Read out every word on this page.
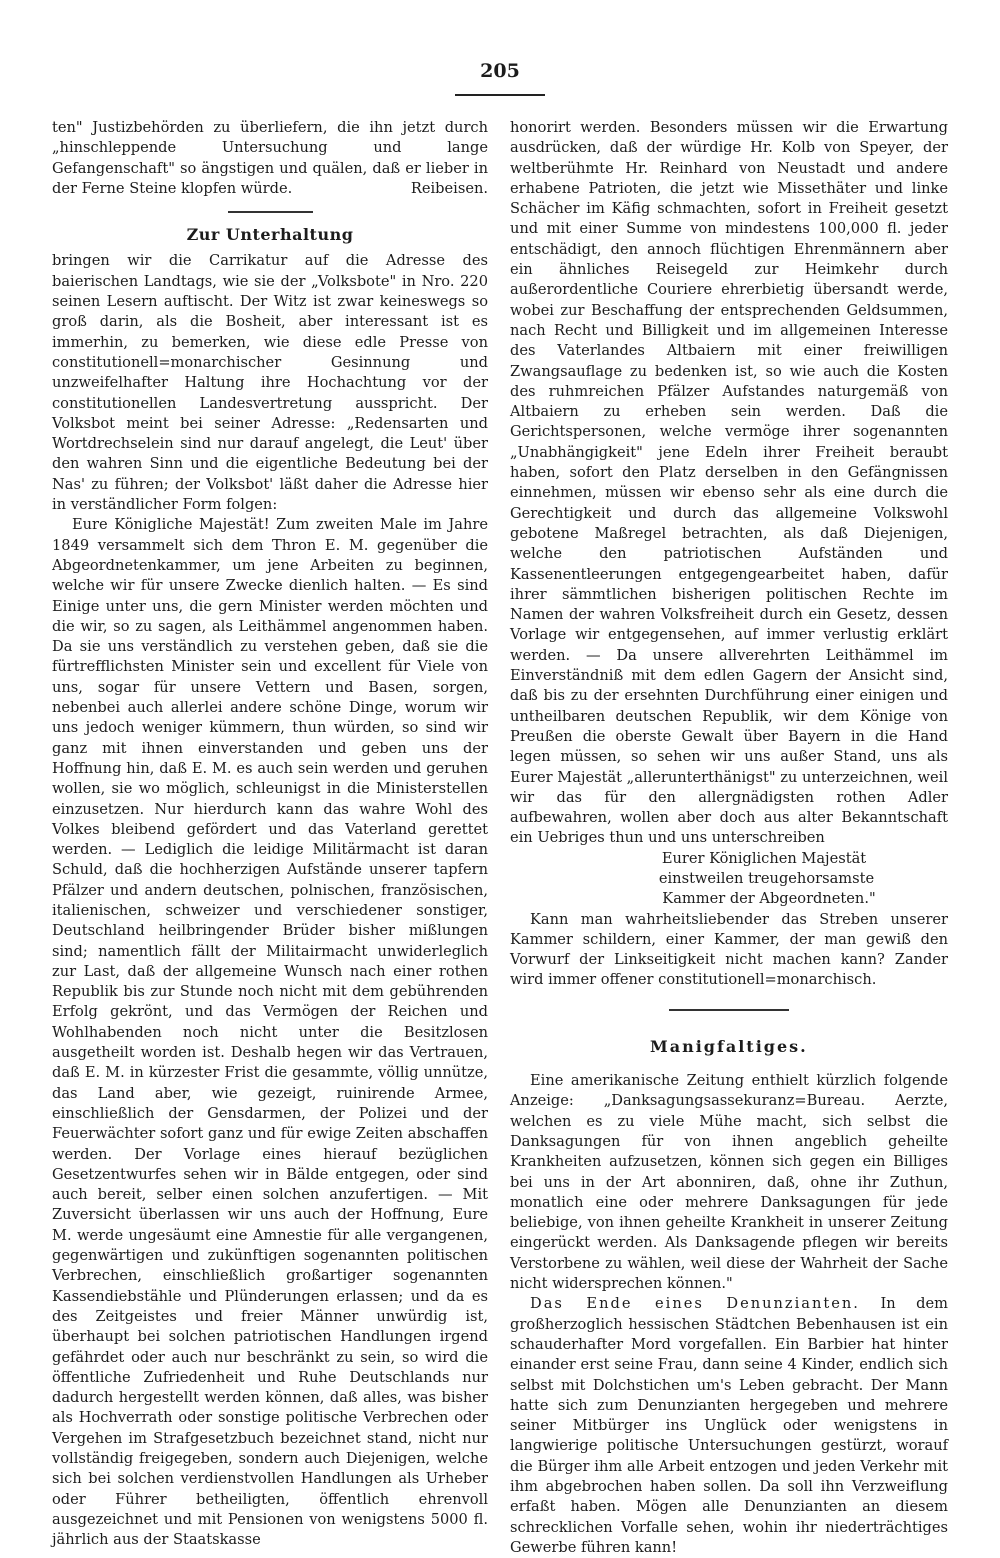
205

ten" Justizbehörden zu überliefern, die ihn jetzt durch „hinschleppende Untersuchung und lange Gefangenschaft" so ängstigen und quälen, daß er lieber in der Ferne Steine klopfen würde.	Reibeisen.

Zur Unterhaltung

bringen wir die Carrikatur auf die Adresse des baierischen Landtags, wie sie der „Volksbote" in Nro. 220 seinen Lesern auftischt. Der Witz ist zwar keineswegs so groß darin, als die Bosheit, aber interessant ist es immerhin, zu bemerken, wie diese edle Presse von constitutionell=monarchischer Gesinnung und unzweifelhafter Haltung ihre Hochachtung vor der constitutionellen Landesvertretung ausspricht. Der Volksbot meint bei seiner Adresse: „Redensarten und Wortdrechselein sind nur darauf angelegt, die Leut' über den wahren Sinn und die eigentliche Bedeutung bei der Nas' zu führen; der Volksbot' läßt daher die Adresse hier in verständlicher Form folgen:

Eure Königliche Majestät! Zum zweiten Male im Jahre 1849 versammelt sich dem Thron E. M. gegenüber die Abgeordnetenkammer, um jene Arbeiten zu beginnen, welche wir für unsere Zwecke dienlich halten. — Es sind Einige unter uns, die gern Minister werden möchten und die wir, so zu sagen, als Leithämmel angenommen haben. Da sie uns verständlich zu verstehen geben, daß sie die fürtrefflichsten Minister sein und excellent für Viele von uns, sogar für unsere Vettern und Basen, sorgen, nebenbei auch allerlei andere schöne Dinge, worum wir uns jedoch weniger kümmern, thun würden, so sind wir ganz mit ihnen einverstanden und geben uns der Hoffnung hin, daß E. M. es auch sein werden und geruhen wollen, sie wo möglich, schleunigst in die Ministerstellen einzusetzen. Nur hierdurch kann das wahre Wohl des Volkes bleibend gefördert und das Vaterland gerettet werden. — Lediglich die leidige Militärmacht ist daran Schuld, daß die hochherzigen Aufstände unserer tapfern Pfälzer und andern deutschen, polnischen, französischen, italienischen, schweizer und verschiedener sonstiger, Deutschland heilbringender Brüder bisher mißlungen sind; namentlich fällt der Militairmacht unwiderleglich zur Last, daß der allgemeine Wunsch nach einer rothen Republik bis zur Stunde noch nicht mit dem gebührenden Erfolg gekrönt, und das Vermögen der Reichen und Wohlhabenden noch nicht unter die Besitzlosen ausgetheilt worden ist. Deshalb hegen wir das Vertrauen, daß E. M. in kürzester Frist die gesammte, völlig unnütze, das Land aber, wie gezeigt, ruinirende Armee, einschließlich der Gensdarmen, der Polizei und der Feuerwächter sofort ganz und für ewige Zeiten abschaffen werden. Der Vorlage eines hierauf bezüglichen Gesetzentwurfes sehen wir in Bälde entgegen, oder sind auch bereit, selber einen solchen anzufertigen. — Mit Zuversicht überlassen wir uns auch der Hoffnung, Eure M. werde ungesäumt eine Amnestie für alle vergangenen, gegenwärtigen und zukünftigen sogenannten politischen Verbrechen, einschließlich großartiger sogenannten Kassendiebstähle und Plünderungen erlassen; und da es des Zeitgeistes und freier Männer unwürdig ist, überhaupt bei solchen patriotischen Handlungen irgend gefährdet oder auch nur beschränkt zu sein, so wird die öffentliche Zufriedenheit und Ruhe Deutschlands nur dadurch hergestellt werden können, daß alles, was bisher als Hochverrath oder sonstige politische Verbrechen oder Vergehen im Strafgesetzbuch bezeichnet stand, nicht nur vollständig freigegeben, sondern auch Diejenigen, welche sich bei solchen verdienstvollen Handlungen als Urheber oder Führer betheiligten, öffentlich ehrenvoll ausgezeichnet und mit Pensionen von wenigstens 5000 fl. jährlich aus der Staatskasse

honorirt werden. Besonders müssen wir die Erwartung ausdrücken, daß der würdige Hr. Kolb von Speyer, der weltberühmte Hr. Reinhard von Neustadt und andere erhabene Patrioten, die jetzt wie Missethäter und linke Schächer im Käfig schmachten, sofort in Freiheit gesetzt und mit einer Summe von mindestens 100,000 fl. jeder entschädigt, den annoch flüchtigen Ehrenmännern aber ein ähnliches Reisegeld zur Heimkehr durch außerordentliche Couriere ehrerbietig übersandt werde, wobei zur Beschaffung der entsprechenden Geldsummen, nach Recht und Billigkeit und im allgemeinen Interesse des Vaterlandes Altbaiern mit einer freiwilligen Zwangsauflage zu bedenken ist, so wie auch die Kosten des ruhmreichen Pfälzer Aufstandes naturgemäß von Altbaiern zu erheben sein werden. Daß die Gerichtspersonen, welche vermöge ihrer sogenannten „Unabhängigkeit" jene Edeln ihrer Freiheit beraubt haben, sofort den Platz derselben in den Gefängnissen einnehmen, müssen wir ebenso sehr als eine durch die Gerechtigkeit und durch das allgemeine Volkswohl gebotene Maßregel betrachten, als daß Diejenigen, welche den patriotischen Aufständen und Kassenentleerungen entgegengearbeitet haben, dafür ihrer sämmtlichen bisherigen politischen Rechte im Namen der wahren Volksfreiheit durch ein Gesetz, dessen Vorlage wir entgegensehen, auf immer verlustig erklärt werden. — Da unsere allverehrten Leithämmel im Einverständniß mit dem edlen Gagern der Ansicht sind, daß bis zu der ersehnten Durchführung einer einigen und untheilbaren deutschen Republik, wir dem Könige von Preußen die oberste Gewalt über Bayern in die Hand legen müssen, so sehen wir uns außer Stand, uns als Eurer Majestät „allerunterthänigst" zu unterzeichnen, weil wir das für den allergnädigsten rothen Adler aufbewahren, wollen aber doch aus alter Bekanntschaft ein Uebriges thun und uns unterschreiben

Eurer Königlichen Majestät

einstweilen treugehorsamste

Kammer der Abgeordneten."

Kann man wahrheitsliebender das Streben unserer Kammer schildern, einer Kammer, der man gewiß den Vorwurf der Linkseitigkeit nicht machen kann? Zander wird immer offener constitutionell=monarchisch.

Manigfaltiges.

Eine amerikanische Zeitung enthielt kürzlich folgende Anzeige: „Danksagungsassekuranz=Bureau. Aerzte, welchen es zu viele Mühe macht, sich selbst die Danksagungen für von ihnen angeblich geheilte Krankheiten aufzusetzen, können sich gegen ein Billiges bei uns in der Art abonniren, daß, ohne ihr Zuthun, monatlich eine oder mehrere Danksagungen für jede beliebige, von ihnen geheilte Krankheit in unserer Zeitung eingerückt werden. Als Danksagende pflegen wir bereits Verstorbene zu wählen, weil diese der Wahrheit der Sache nicht widersprechen können."

Das Ende eines Denunzianten. In dem großherzoglich hessischen Städtchen Bebenhausen ist ein schauderhafter Mord vorgefallen. Ein Barbier hat hinter einander erst seine Frau, dann seine 4 Kinder, endlich sich selbst mit Dolchstichen um's Leben gebracht. Der Mann hatte sich zum Denunzianten hergegeben und mehrere seiner Mitbürger ins Unglück oder wenigstens in langwierige politische Untersuchungen gestürzt, worauf die Bürger ihm alle Arbeit entzogen und jeden Verkehr mit ihm abgebrochen haben sollen. Da soll ihn Verzweiflung erfaßt haben. Mögen alle Denunzianten an diesem schrecklichen Vorfalle sehen, wohin ihr niederträchtiges Gewerbe führen kann!
